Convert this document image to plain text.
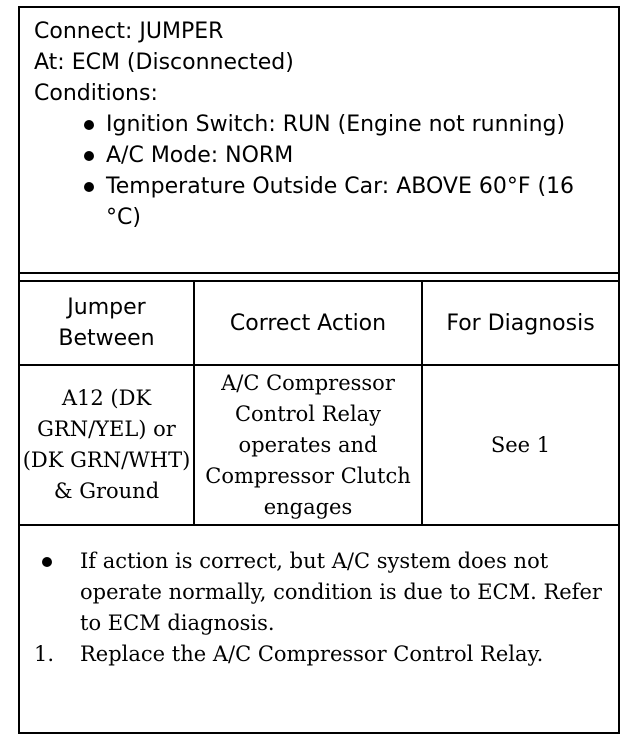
Connect: JUMPER
At: ECM (Disconnected)
Conditions:
Ignition Switch: RUN (Engine not running)
A/C Mode: NORM
Temperature Outside Car: ABOVE 60°F (16 °C)
Jumper Between	Correct Action	For Diagnosis
A12 (DK GRN/YEL) or (DK GRN/WHT) & Ground	A/C Compressor Control Relay operates and Compressor Clutch engages	See 1
If action is correct, but A/C system does not operate normally, condition is due to ECM. Refer to ECM diagnosis.
1.	Replace the A/C Compressor Control Relay.
